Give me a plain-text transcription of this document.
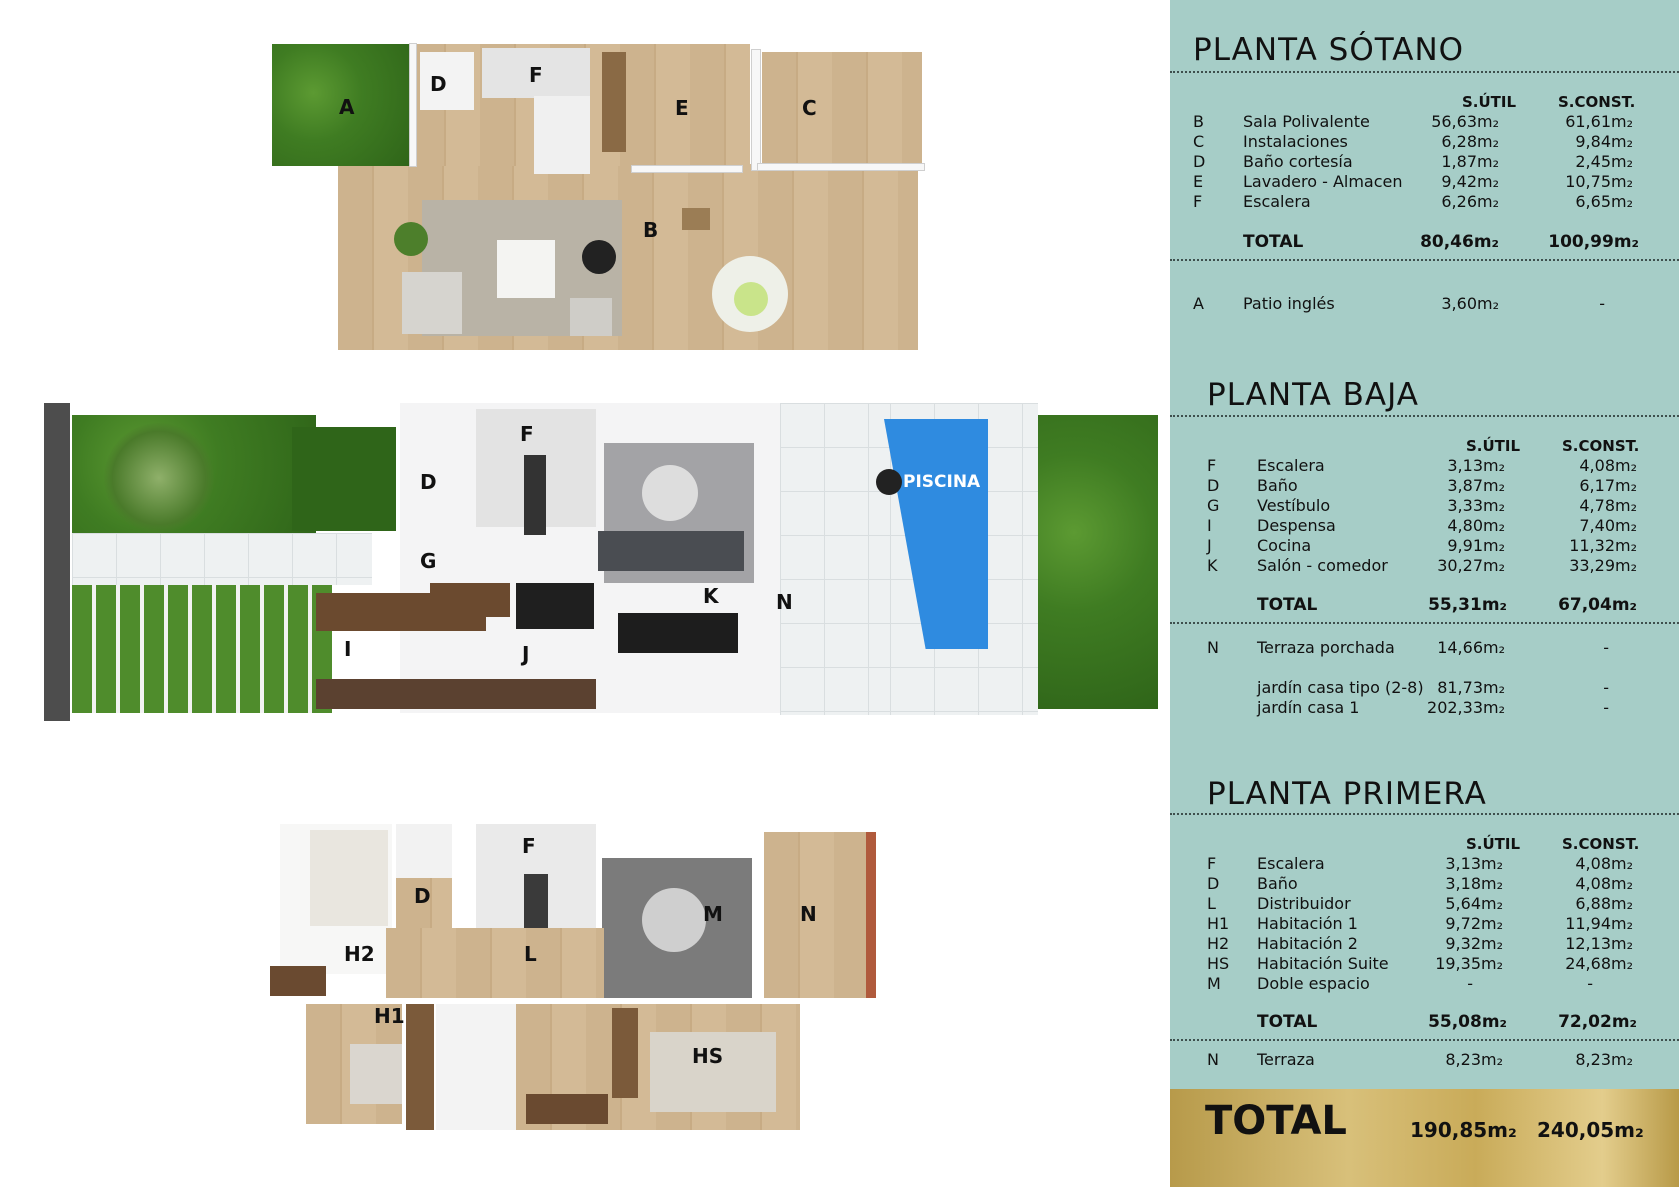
A
D	F
E	C
B
F
D
G
I	J
K	N
PISCINA
F
D
M	N
H2	L
H1
HS
PLANTA SÓTANO
S.ÚTIL	S.CONST.
B Sala Polivalente	56,63m₂	61,61m₂
C Instalaciones	6,28m₂	9,84m₂
D Baño cortesía	1,87m₂	2,45m₂
E Lavadero - Almacen 9,42m₂	10,75m₂
F	Escalera	6,26m₂	6,65m₂
TOTAL	80,46m₂	100,99m₂
A Patio inglés	3,60m₂	-
PLANTA BAJA
S.ÚTIL	S.CONST.
F	Escalera	3,13m₂	4,08m₂
D Baño	3,87m₂	6,17m₂
G Vestíbulo	3,33m₂	4,78m₂
I	Despensa	4,80m₂	7,40m₂
J	Cocina	9,91m₂	11,32m₂
K Salón - comedor	30,27m₂	33,29m₂
TOTAL	55,31m₂	67,04m₂
N Terraza porchada	14,66m₂	-
jardín casa tipo (2-8) 81,73m₂	-
jardín casa 1	202,33m₂	-
PLANTA PRIMERA
S.ÚTIL	S.CONST.
F	Escalera	3,13m₂	4,08m₂
D Baño	3,18m₂	4,08m₂
L	Distribuidor	5,64m₂	6,88m₂
H1 Habitación 1	9,72m₂	11,94m₂
H2 Habitación 2	9,32m₂	12,13m₂
HS Habitación Suite	19,35m₂	24,68m₂
M Doble espacio	-	-
TOTAL	55,08m₂	72,02m₂
N Terraza	8,23m₂	8,23m₂
TOTAL	190,85m₂ 240,05m₂
